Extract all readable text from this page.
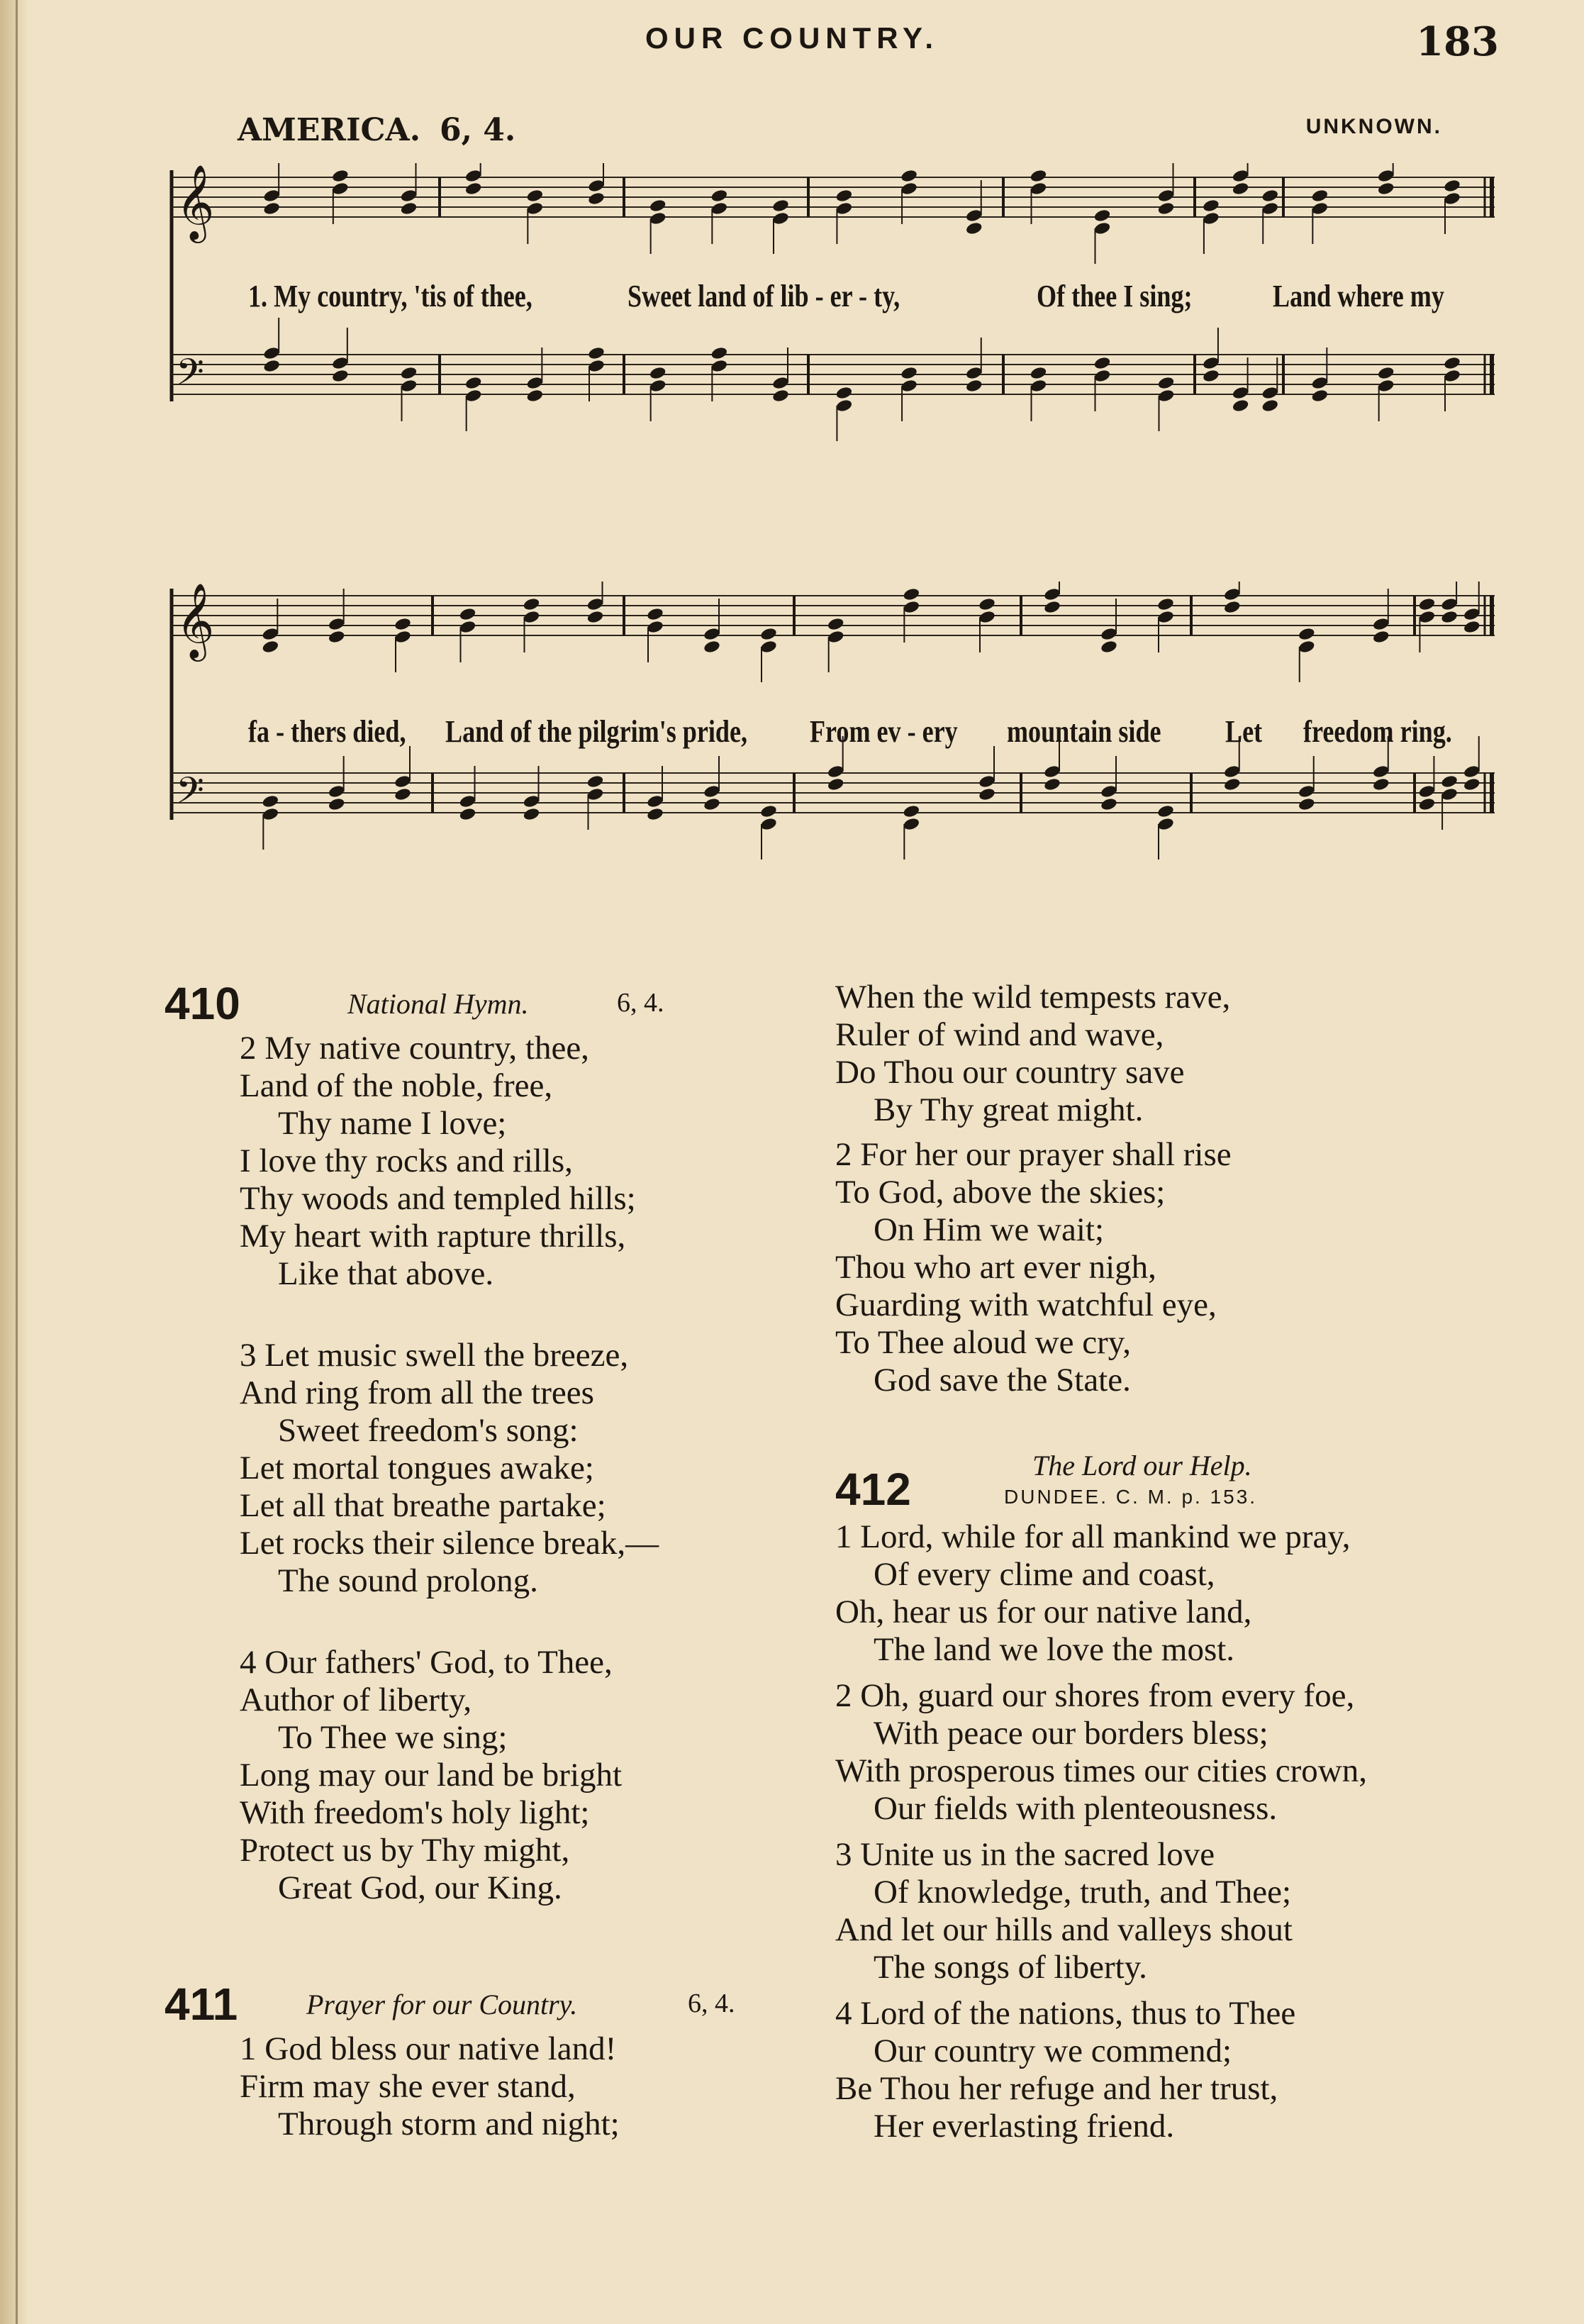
OUR COUNTRY.	183
AMERICA. 6, 4.	UNKNOWN.
𝄞
𝄢
𝄞
𝄢
1. My country, 'tis of thee,	Sweet land of lib - er - ty,	Of thee I sing;	Land where my
fa - thers died, Land of the pilgrim's pride, From ev - ery mountain side Let freedom ring.
410	National Hymn.	6, 4.
2 My native country, thee,
Land of the noble, free,
Thy name I love;
I love thy rocks and rills,
Thy woods and templed hills;
My heart with rapture thrills,
Like that above.
3 Let music swell the breeze,
And ring from all the trees
Sweet freedom's song:
Let mortal tongues awake;
Let all that breathe partake;
Let rocks their silence break,—
The sound prolong.
4 Our fathers' God, to Thee,
Author of liberty,
To Thee we sing;
Long may our land be bright
With freedom's holy light;
Protect us by Thy might,
Great God, our King.
411 Prayer for our Country.	6, 4.
1 God bless our native land!
Firm may she ever stand,
Through storm and night;
When the wild tempests rave,
Ruler of wind and wave,
Do Thou our country save
By Thy great might.
2 For her our prayer shall rise
To God, above the skies;
On Him we wait;
Thou who art ever nigh,
Guarding with watchful eye,
To Thee aloud we cry,
God save the State.
412	The Lord our Help.
DUNDEE. C. M. p. 153.
1 Lord, while for all mankind we pray,
Of every clime and coast,
Oh, hear us for our native land,
The land we love the most.
2 Oh, guard our shores from every foe,
With peace our borders bless;
With prosperous times our cities crown,
Our fields with plenteousness.
3 Unite us in the sacred love
Of knowledge, truth, and Thee;
And let our hills and valleys shout
The songs of liberty.
4 Lord of the nations, thus to Thee
Our country we commend;
Be Thou her refuge and her trust,
Her everlasting friend.
